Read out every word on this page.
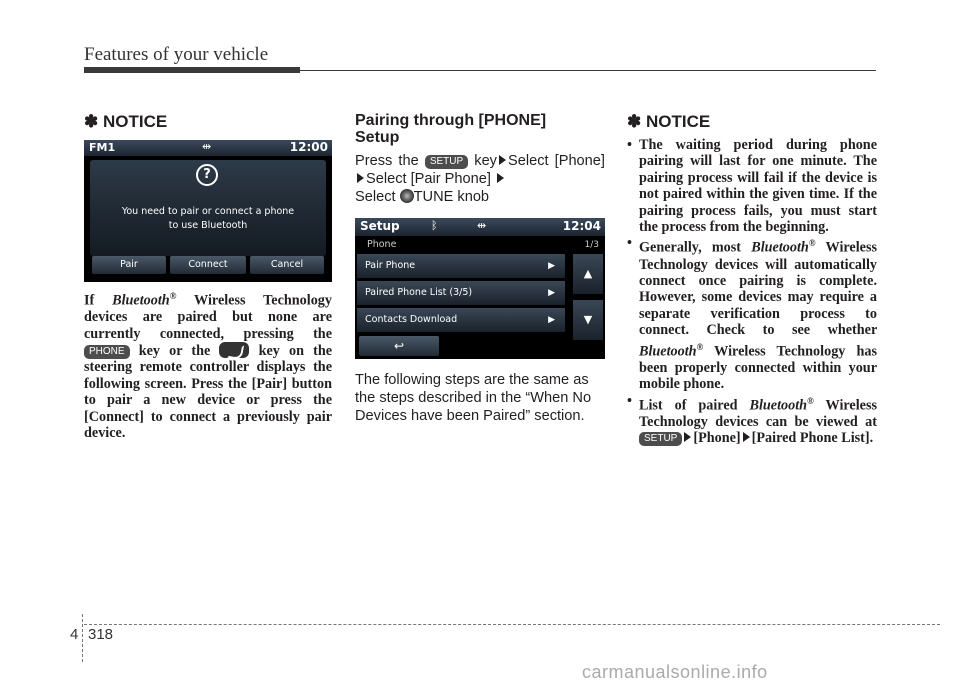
Features of your vehicle
✽ NOTICE
FM1	⇹	12:00
?
You need to pair or connect a phone
to use Bluetooth
Pair	Connect	Cancel
If Bluetooth® Wireless Technology devices are paired but none are currently connected, pressing the PHONE key or the	key on the steering remote controller displays the following screen. Press the [Pair] button to pair a new device or press the [Connect] to connect a previously pair device.
Pairing through [PHONE] Setup
Press the SETUP key Select [Phone]Select [Pair Phone]
Select TUNE knob
Setup	ᛒ	⇹	12:04
Phone	1/3
Pair Phone	▶
Paired Phone List (3/5)	▶
Contacts Download	▶
▲
▼
↩
The following steps are the same as the steps described in the “When No Devices have been Paired” section.
✽ NOTICE
• The waiting period during phone pairing will last for one minute. The pairing process will fail if the device is not paired within the given time. If the pairing process fails, you must start the process from the beginning.
• Generally, most Bluetooth® Wireless Technology devices will automatically connect once pairing is complete. However, some devices may require a separate verification process to connect. Check to see whether Bluetooth® Wireless Technology has been properly connected within your mobile phone.
• List of paired Bluetooth® Wireless Technology devices can be viewed at SETUP [Phone] [Paired Phone List].
4 318
carmanualsonline.info
